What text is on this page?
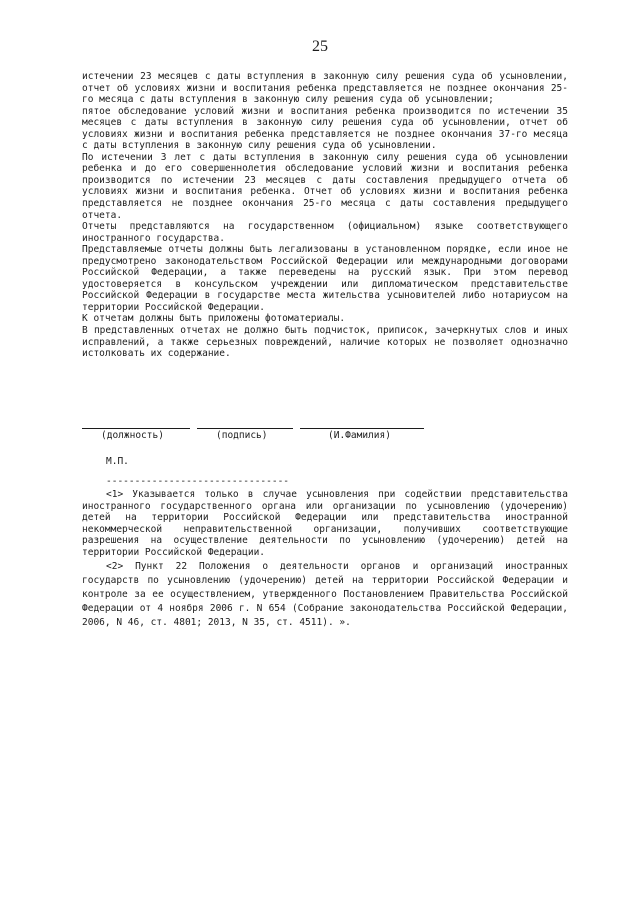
25

истечении 23 месяцев с даты вступления в законную силу решения суда об усыновлении, отчет об условиях жизни и воспитания ребенка представляется не позднее окончания 25-го месяца с даты вступления в законную силу решения суда об усыновлении;

пятое обследование условий жизни и воспитания ребенка производится по истечении 35 месяцев с даты вступления в законную силу решения суда об усыновлении, отчет об условиях жизни и воспитания ребенка представляется не позднее окончания 37-го месяца с даты вступления в законную силу решения суда об усыновлении.

По истечении 3 лет с даты вступления в законную силу решения суда об усыновлении ребенка и до его совершеннолетия обследование условий жизни и воспитания ребенка производится по истечении 23 месяцев с даты составления предыдущего отчета об условиях жизни и воспитания ребенка. Отчет об условиях жизни и воспитания ребенка представляется не позднее окончания 25-го месяца с даты составления предыдущего отчета.

Отчеты представляются на государственном (официальном) языке соответствующего иностранного государства.

Представляемые отчеты должны быть легализованы в установленном порядке, если иное не предусмотрено законодательством Российской Федерации или международными договорами Российской Федерации, а также переведены на русский язык. При этом перевод удостоверяется в консульском учреждении или дипломатическом представительстве Российской Федерации в государстве места жительства усыновителей либо нотариусом на территории Российской Федерации.

К отчетам должны быть приложены фотоматериалы.

В представленных отчетах не должно быть подчисток, приписок, зачеркнутых слов и иных исправлений, а также серьезных повреждений, наличие которых не позволяет однозначно истолковать их содержание.

(должность)	(подпись)	(И.Фамилия)
М.П.
--------------------------------

<1> Указывается только в случае усыновления при содействии представительства иностранного государственного органа или организации по усыновлению (удочерению) детей на территории Российской Федерации или представительства иностранной некоммерческой неправительственной организации, получивших соответствующие разрешения на осуществление деятельности по усыновлению (удочерению) детей на территории Российской Федерации.

<2> Пункт 22 Положения о деятельности органов и организаций иностранных государств по усыновлению (удочерению) детей на территории Российской Федерации и контроле за ее осуществлением, утвержденного Постановлением Правительства Российской Федерации от 4 ноября 2006 г. N 654 (Собрание законодательства Российской Федерации, 2006, N 46, ст. 4801; 2013, N 35, ст. 4511). ».
